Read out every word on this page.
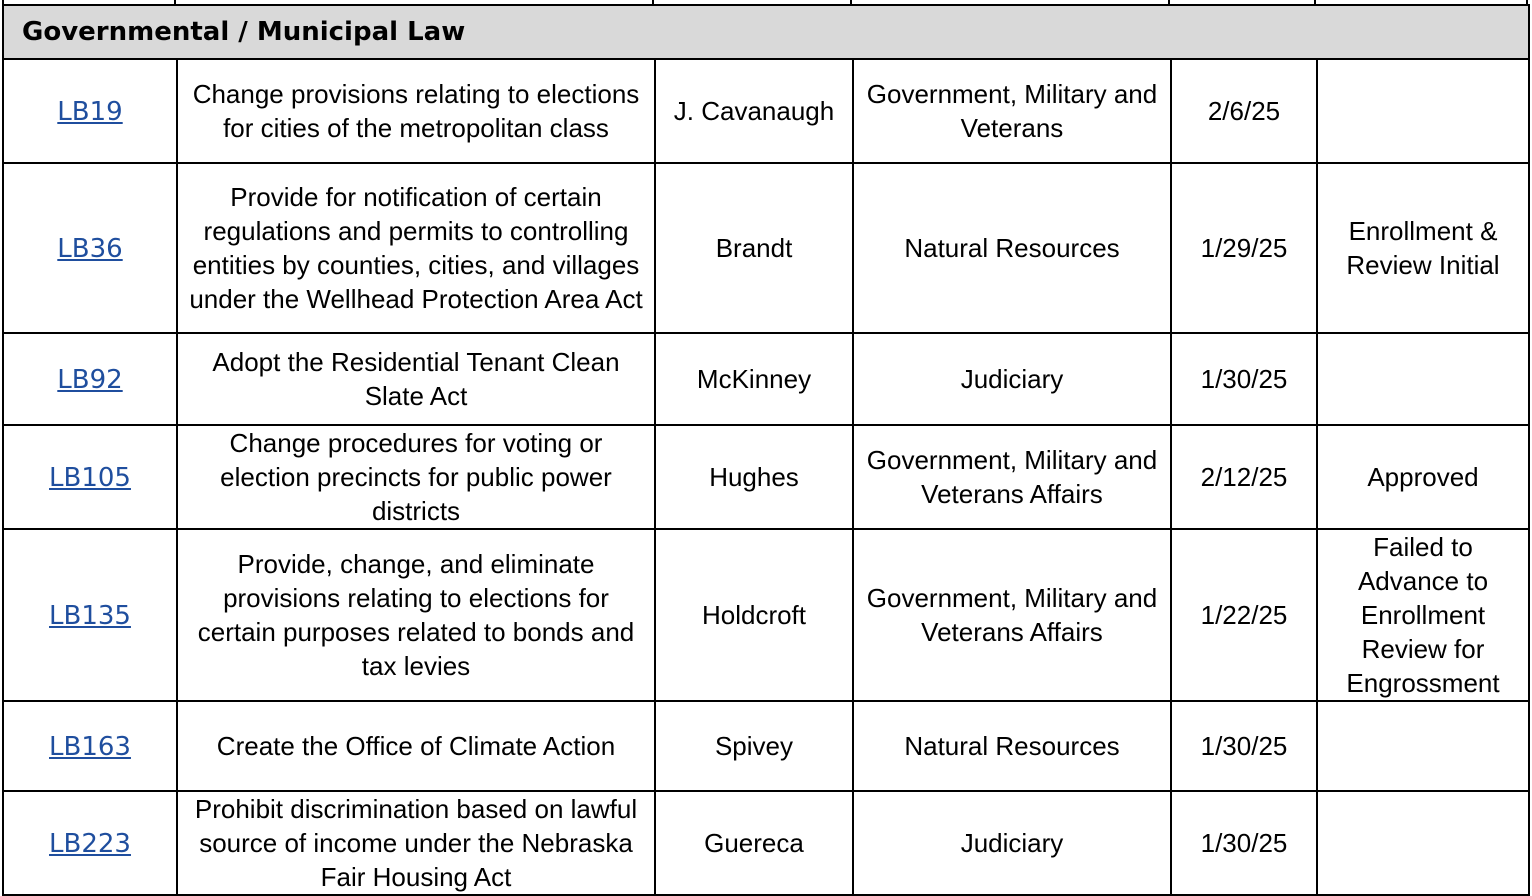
Governmental / Municipal Law					
LB19	Change provisions relating to elections for cities of the metropolitan class	J. Cavanaugh	Government, Military and Veterans	2/6/25	
LB36	Provide for notification of certain regulations and permits to controlling entities by counties, cities, and villages under the Wellhead Protection Area Act	Brandt	Natural Resources	1/29/25	Enrollment & Review Initial
LB92	Adopt the Residential Tenant Clean Slate Act	McKinney	Judiciary	1/30/25	
LB105	Change procedures for voting or election precincts for public power districts	Hughes	Government, Military and Veterans Affairs	2/12/25	Approved
LB135	Provide, change, and eliminate provisions relating to elections for certain purposes related to bonds and tax levies	Holdcroft	Government, Military and Veterans Affairs	1/22/25	Failed to Advance to Enrollment Review for Engrossment
LB163	Create the Office of Climate Action	Spivey	Natural Resources	1/30/25	
LB223	Prohibit discrimination based on lawful source of income under the Nebraska Fair Housing Act	Guereca	Judiciary	1/30/25	
